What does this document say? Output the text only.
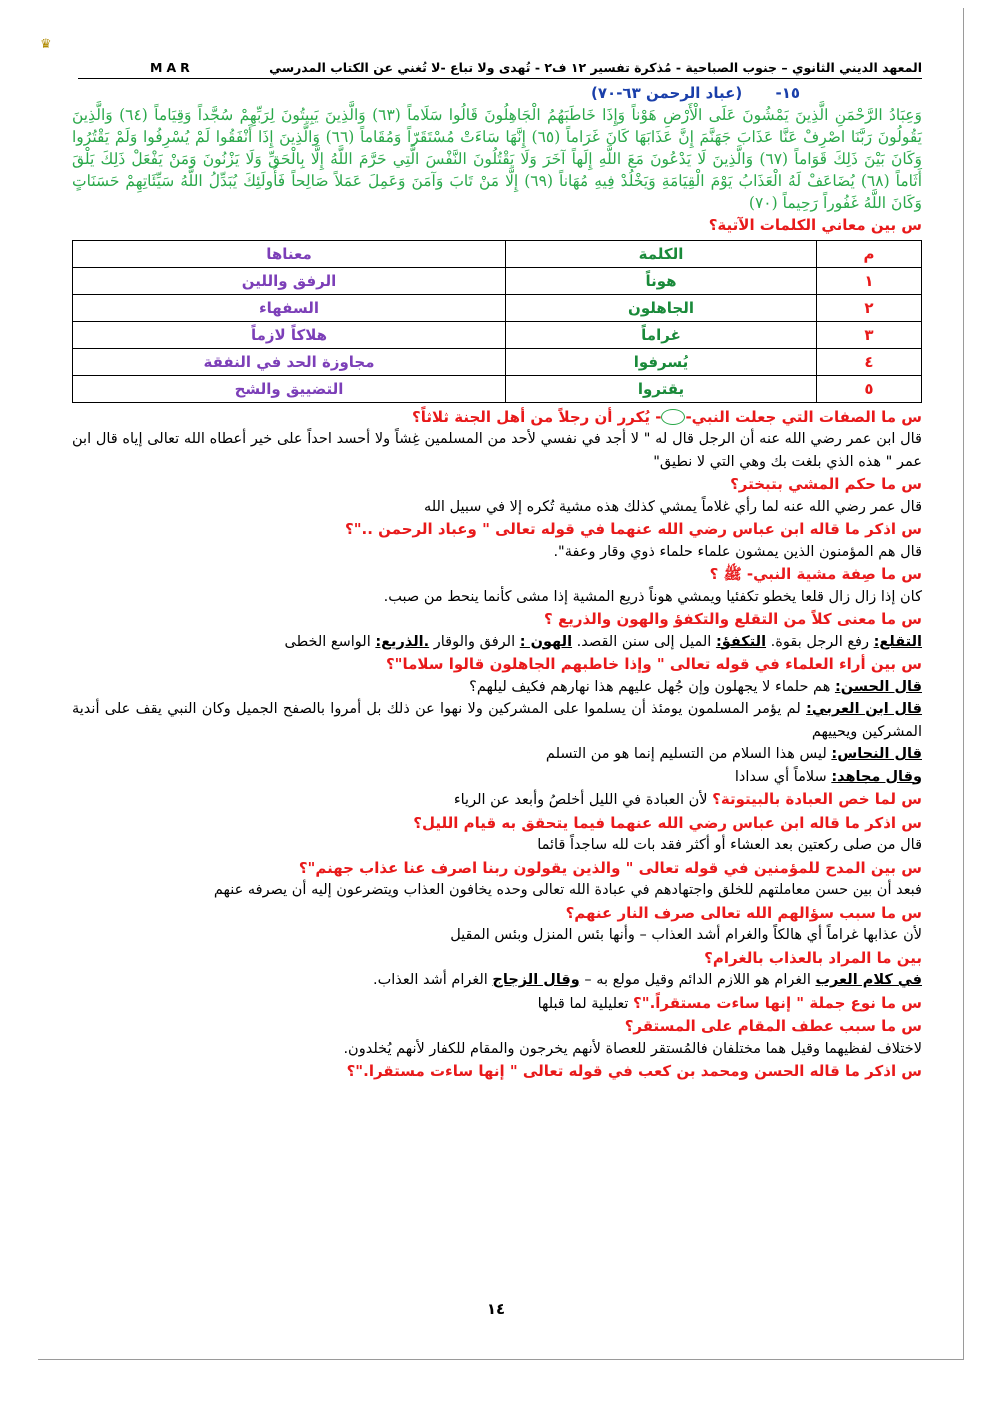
♛
المعهد الديني الثانوي – جنوب الصباحية - مُذكرة تفسير ١٢ ف٢ - تُهدى ولا تباع -لا تُغني عن الكتاب المدرسي
MAR
١٥- (عباد الرحمن ٦٣-٧٠)
وَعِبَادُ الرَّحْمَنِ الَّذِينَ يَمْشُونَ عَلَى الْأَرْضِ هَوْناً وَإِذَا خَاطَبَهُمُ الْجَاهِلُونَ قَالُوا سَلَاماً (٦٣) وَالَّذِينَ يَبِيتُونَ لِرَبِّهِمْ سُجَّداً وَقِيَاماً (٦٤) وَالَّذِينَ يَقُولُونَ رَبَّنَا اصْرِفْ عَنَّا عَذَابَ جَهَنَّمَ إِنَّ عَذَابَهَا كَانَ غَرَاماً (٦٥) إِنَّهَا سَاءَتْ مُسْتَقَرّاً وَمُقَاماً (٦٦) وَالَّذِينَ إِذَا أَنْفَقُوا لَمْ يُسْرِفُوا وَلَمْ يَقْتُرُوا وَكَانَ بَيْنَ ذَلِكَ قَوَاماً (٦٧) وَالَّذِينَ لَا يَدْعُونَ مَعَ اللَّهِ إِلَهاً آخَرَ وَلَا يَقْتُلُونَ النَّفْسَ الَّتِي حَرَّمَ اللَّهُ إِلَّا بِالْحَقِّ وَلَا يَزْنُونَ وَمَنْ يَفْعَلْ ذَلِكَ يَلْقَ أَثَاماً (٦٨) يُضَاعَفْ لَهُ الْعَذَابُ يَوْمَ الْقِيَامَةِ وَيَخْلُدْ فِيهِ مُهَاناً (٦٩) إِلَّا مَنْ تَابَ وَآمَنَ وَعَمِلَ عَمَلاً صَالِحاً فَأُولَئِكَ يُبَدِّلُ اللَّهُ سَيِّئَاتِهِمْ حَسَنَاتٍ وَكَانَ اللَّهُ غَفُوراً رَحِيماً (٧٠)

س بين معاني الكلمات الآتية؟

م	الكلمة	معناها
١	هوناً	الرفق واللين
٢	الجاهلون	السفهاء
٣	غراماً	هلاكاً لازماً
٤	يُسرفوا	مجاوزة الحد في النفقة
٥	يقتروا	التضييق والشح

س ما الصفات التي جعلت النبي-- يُكرر أن رجلاً من أهل الجنة ثلاثاً؟

قال ابن عمر رضي الله عنه أن الرجل قال له " لا أجد في نفسي لأحد من المسلمين غِشاً ولا أحسد احداً على خير أعطاه الله تعالى إياه قال ابن عمر " هذه الذي بلغت بك وهي التي لا نطيق"

س ما حكم المشي بتبختر؟

قال عمر رضي الله عنه لما رأي غلاماً يمشي كذلك هذه مشية تُكره إلا في سبيل الله

س اذكر ما قاله ابن عباس رضي الله عنهما في قوله تعالى " وعباد الرحمن .."؟

قال هم المؤمنون الذين يمشون علماء حلماء ذوي وقار وعفة".

س ما صِفة مشية النبي- ﷺ ؟

كان إذا زال زال قلعا يخطو تكفئيا ويمشي هوناً ذريع المشية إذا مشى كأنما ينحط من صبب.

س ما معنى كلاً من التقلع والتكفؤ والهون والذريع ؟

التقلع: رفع الرجل بقوة. التكفؤ: الميل إلى سنن القصد. الهون : الرفق والوقار .الذريع: الواسع الخطى

س بين أراء العلماء في قوله تعالى " وإذا خاطبهم الجاهلون قالوا سلاما"؟

قال الحسن: هم حلماء لا يجهلون وإن جُهل عليهم هذا نهارهم فكيف ليلهم؟

قال ابن العربي: لم يؤمر المسلمون يومئذ أن يسلموا على المشركين ولا نهوا عن ذلك بل أمروا بالصفح الجميل وكان النبي يقف على أندية المشركين ويحييهم

قال النحاس: ليس هذا السلام من التسليم إنما هو من التسلم

وقال مجاهد: سلاماً أي سدادا

س لما خص العبادة بالبيتوتة؟ لأن العبادة في الليل أخلصُ وأبعد عن الرياء

س اذكر ما قاله ابن عباس رضي الله عنهما فيما يتحقق به قيام الليل؟

قال من صلى ركعتين بعد العشاء أو أكثر فقد بات لله ساجداً قائما

س بين المدح للمؤمنين في قوله تعالى " والذين يقولون ربنا اصرف عنا عذاب جهنم"؟

فبعد أن بين حسن معاملتهم للخلق واجتهادهم في عبادة الله تعالى وحده يخافون العذاب ويتضرعون إليه أن يصرفه عنهم

س ما سبب سؤالهم الله تعالى صرف النار عنهم؟

لأن عذابها غراماً أي هالكاً والغرام أشد العذاب – وأنها بئس المنزل وبئس المقيل

بين ما المراد بالعذاب بالغرام؟

في كلام العرب الغرام هو اللازم الدائم وقيل مولع به – وقال الزجاج الغرام أشد العذاب.

س ما نوع جملة " إنها ساءت مستقراً."؟ تعليلية لما قبلها

س ما سبب عطف المقام على المستقر؟

لاختلاف لفظيهما وقيل هما مختلفان فالمُستقر للعصاة لأنهم يخرجون والمقام للكفار لأنهم يُخلدون.

س اذكر ما قاله الحسن ومحمد بن كعب في قوله تعالى " إنها ساءت مستقرا."؟

١٤
